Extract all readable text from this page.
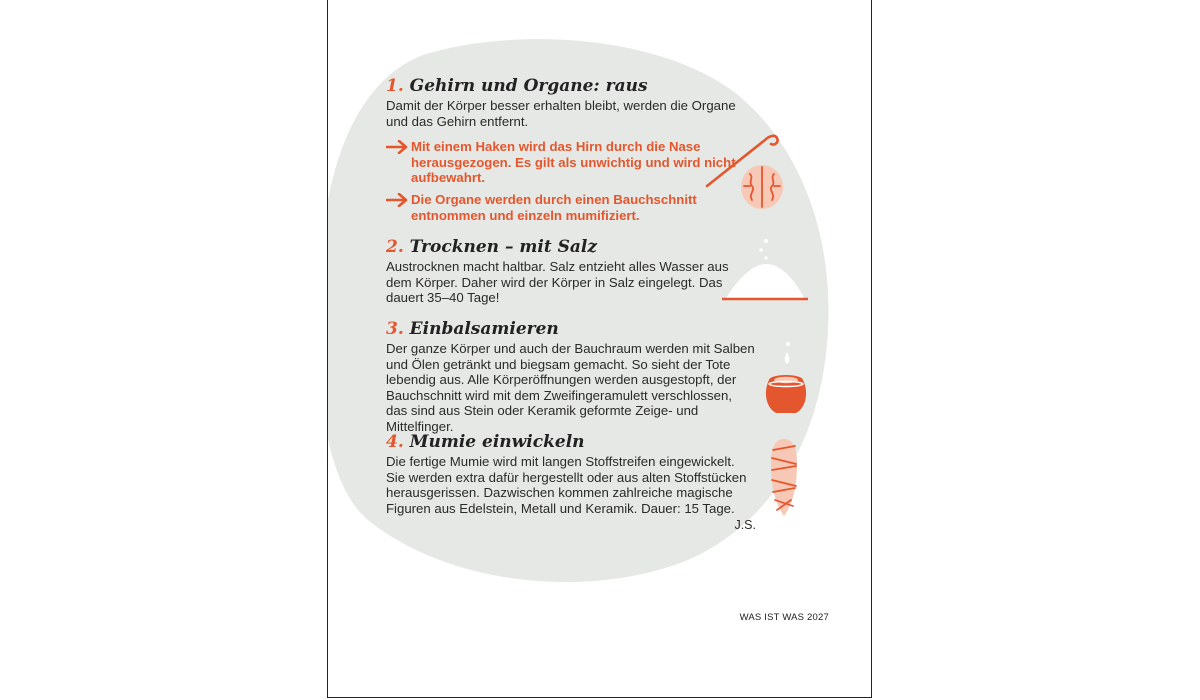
1. Gehirn und Organe: raus

Damit der Körper besser erhalten bleibt, werden die Organe und das Gehirn entfernt.

Mit einem Haken wird das Hirn durch die Nase herausgezogen. Es gilt als unwichtig und wird nicht aufbewahrt.
Die Organe werden durch einen Bauchschnitt entnommen und einzeln mumifiziert.
2. Trocknen – mit Salz

Austrocknen macht haltbar. Salz entzieht alles Wasser aus dem Körper. Daher wird der Körper in Salz eingelegt. Das dauert 35–40 Tage!

3. Einbalsamieren

Der ganze Körper und auch der Bauchraum werden mit Salben und Ölen getränkt und biegsam gemacht. So sieht der Tote lebendig aus. Alle Körperöffnungen werden ausgestopft, der Bauchschnitt wird mit dem Zweifingeramulett verschlossen, das sind aus Stein oder Keramik geformte Zeige- und Mittelfinger.

4. Mumie einwickeln

Die fertige Mumie wird mit langen Stoffstreifen eingewickelt. Sie werden extra dafür hergestellt oder aus alten Stoffstücken herausgerissen. Dazwischen kommen zahlreiche magische Figuren aus Edelstein, Metall und Keramik. Dauer: 15 Tage.

J.S.
WAS IST WAS 2027
